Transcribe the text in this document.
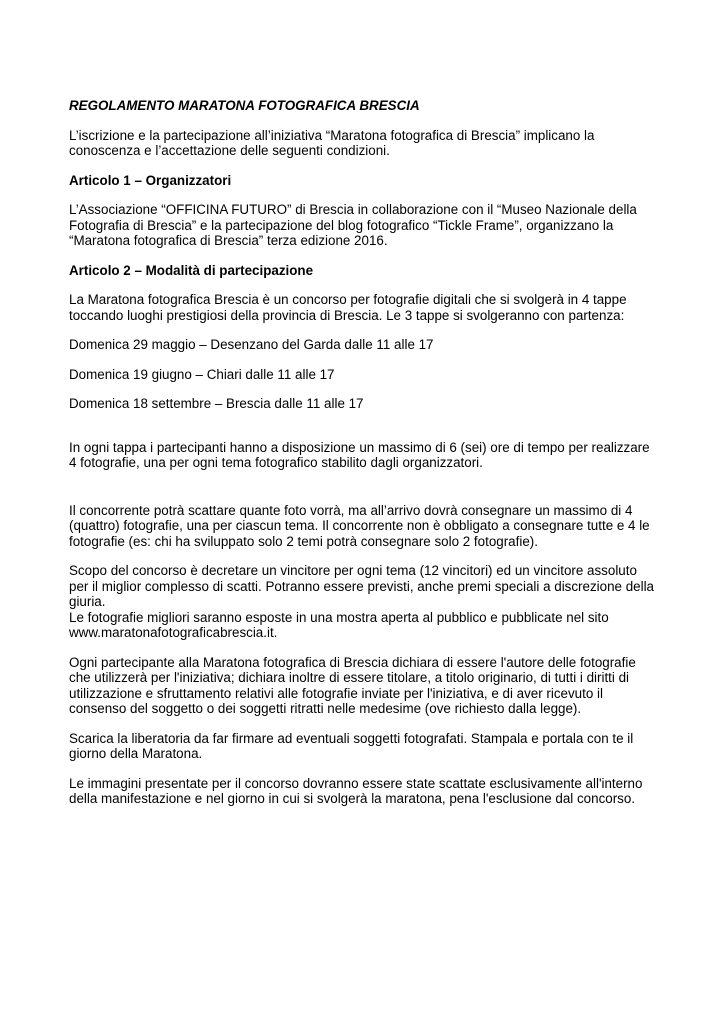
REGOLAMENTO MARATONA FOTOGRAFICA BRESCIA

L’iscrizione e la partecipazione all’iniziativa “Maratona fotografica di Brescia” implicano la
conoscenza e l’accettazione delle seguenti condizioni.

Articolo 1 – Organizzatori

L’Associazione “OFFICINA FUTURO” di Brescia in collaborazione con il “Museo Nazionale della
Fotografia di Brescia” e la partecipazione del blog fotografico “Tickle Frame”, organizzano la
“Maratona fotografica di Brescia” terza edizione 2016.

Articolo 2 – Modalità di partecipazione

La Maratona fotografica Brescia è un concorso per fotografie digitali che si svolgerà in 4 tappe
toccando luoghi prestigiosi della provincia di Brescia. Le 3 tappe si svolgeranno con partenza:

Domenica 29 maggio – Desenzano del Garda dalle 11 alle 17

Domenica 19 giugno – Chiari dalle 11 alle 17

Domenica 18 settembre – Brescia dalle 11 alle 17

In ogni tappa i partecipanti hanno a disposizione un massimo di 6 (sei) ore di tempo per realizzare
4 fotografie, una per ogni tema fotografico stabilito dagli organizzatori.

Il concorrente potrà scattare quante foto vorrà, ma all’arrivo dovrà consegnare un massimo di 4
(quattro) fotografie, una per ciascun tema. Il concorrente non è obbligato a consegnare tutte e 4 le
fotografie (es: chi ha sviluppato solo 2 temi potrà consegnare solo 2 fotografie).

Scopo del concorso è decretare un vincitore per ogni tema (12 vincitori) ed un vincitore assoluto
per il miglior complesso di scatti. Potranno essere previsti, anche premi speciali a discrezione della
giuria.

Le fotografie migliori saranno esposte in una mostra aperta al pubblico e pubblicate nel sito
www.maratonafotograficabrescia.it.

Ogni partecipante alla Maratona fotografica di Brescia dichiara di essere l'autore delle fotografie
che utilizzerà per l'iniziativa; dichiara inoltre di essere titolare, a titolo originario, di tutti i diritti di
utilizzazione e sfruttamento relativi alle fotografie inviate per l'iniziativa, e di aver ricevuto il
consenso del soggetto o dei soggetti ritratti nelle medesime (ove richiesto dalla legge).

Scarica la liberatoria da far firmare ad eventuali soggetti fotografati. Stampala e portala con te il
giorno della Maratona.

Le immagini presentate per il concorso dovranno essere state scattate esclusivamente all'interno
della manifestazione e nel giorno in cui si svolgerà la maratona, pena l'esclusione dal concorso.
